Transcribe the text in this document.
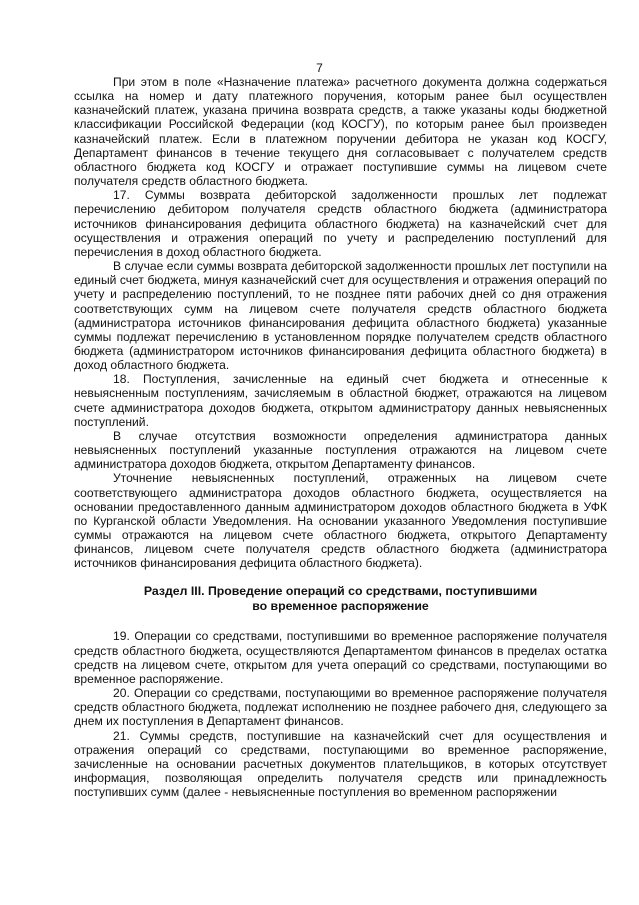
7

При этом в поле «Назначение платежа» расчетного документа должна содержаться ссылка на номер и дату платежного поручения, которым ранее был осуществлен казначейский платеж, указана причина возврата средств, а также указаны коды бюджетной классификации Российской Федерации (код КОСГУ), по которым ранее был произведен казначейский платеж. Если в платежном поручении дебитора не указан код КОСГУ, Департамент финансов в течение текущего дня согласовывает с получателем средств областного бюджета код КОСГУ и отражает поступившие суммы на лицевом счете получателя средств областного бюджета.

17. Суммы возврата дебиторской задолженности прошлых лет подлежат перечислению дебитором получателя средств областного бюджета (администратора источников финансирования дефицита областного бюджета) на казначейский счет для осуществления и отражения операций по учету и распределению поступлений для перечисления в доход областного бюджета.

В случае если суммы возврата дебиторской задолженности прошлых лет поступили на единый счет бюджета, минуя казначейский счет для осуществления и отражения операций по учету и распределению поступлений, то не позднее пяти рабочих дней со дня отражения соответствующих сумм на лицевом счете получателя средств областного бюджета (администратора источников финансирования дефицита областного бюджета) указанные суммы подлежат перечислению в установленном порядке получателем средств областного бюджета (администратором источников финансирования дефицита областного бюджета) в доход областного бюджета.

18. Поступления, зачисленные на единый счет бюджета и отнесенные к невыясненным поступлениям, зачисляемым в областной бюджет, отражаются на лицевом счете администратора доходов бюджета, открытом администратору данных невыясненных поступлений.

В случае отсутствия возможности определения администратора данных невыясненных поступлений указанные поступления отражаются на лицевом счете администратора доходов бюджета, открытом Департаменту финансов.

Уточнение невыясненных поступлений, отраженных на лицевом счете соответствующего администратора доходов областного бюджета, осуществляется на основании предоставленного данным администратором доходов областного бюджета в УФК по Курганской области Уведомления. На основании указанного Уведомления поступившие суммы отражаются на лицевом счете областного бюджета, открытого Департаменту финансов, лицевом счете получателя средств областного бюджета (администратора источников финансирования дефицита областного бюджета).

Раздел III. Проведение операций со средствами, поступившими
во временное распоряжение

19. Операции со средствами, поступившими во временное распоряжение получателя средств областного бюджета, осуществляются Департаментом финансов в пределах остатка средств на лицевом счете, открытом для учета операций со средствами, поступающими во временное распоряжение.

20. Операции со средствами, поступающими во временное распоряжение получателя средств областного бюджета, подлежат исполнению не позднее рабочего дня, следующего за днем их поступления в Департамент финансов.

21. Суммы средств, поступившие на казначейский счет для осуществления и отражения операций со средствами, поступающими во временное распоряжение, зачисленные на основании расчетных документов плательщиков, в которых отсутствует информация, позволяющая определить получателя средств или принадлежность поступивших сумм (далее - невыясненные поступления во временном распоряжении
